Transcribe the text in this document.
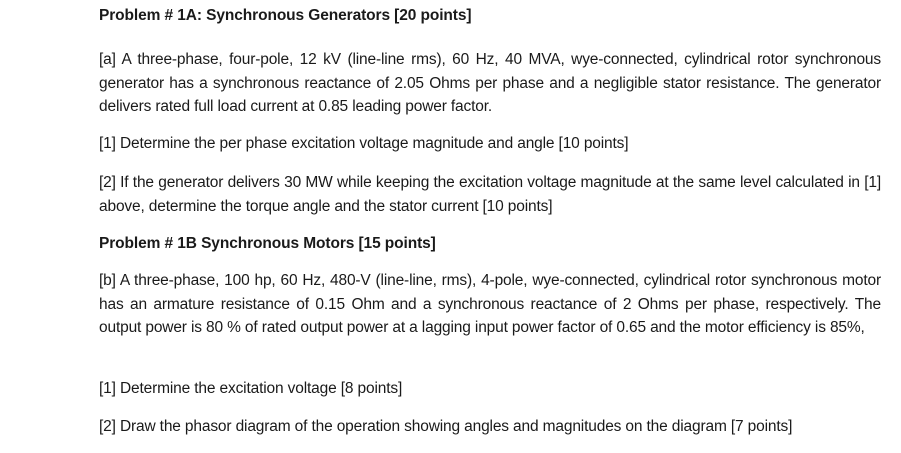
Problem # 1A: Synchronous Generators [20 points]
[a] A three-phase, four-pole, 12 kV (line-line rms), 60 Hz, 40 MVA, wye-connected, cylindrical rotor synchronous generator has a synchronous reactance of 2.05 Ohms per phase and a negligible stator resistance. The generator delivers rated full load current at 0.85 leading power factor.
[1] Determine the per phase excitation voltage magnitude and angle [10 points]
[2] If the generator delivers 30 MW while keeping the excitation voltage magnitude at the same level calculated in [1] above, determine the torque angle and the stator current [10 points]
Problem # 1B Synchronous Motors [15 points]
[b] A three-phase, 100 hp, 60 Hz, 480-V (line-line, rms), 4-pole, wye-connected, cylindrical rotor synchronous motor has an armature resistance of 0.15 Ohm and a synchronous reactance of 2 Ohms per phase, respectively. The output power is 80 % of rated output power at a lagging input power factor of 0.65 and the motor efficiency is 85%,
[1] Determine the excitation voltage [8 points]
[2] Draw the phasor diagram of the operation showing angles and magnitudes on the diagram [7 points]
